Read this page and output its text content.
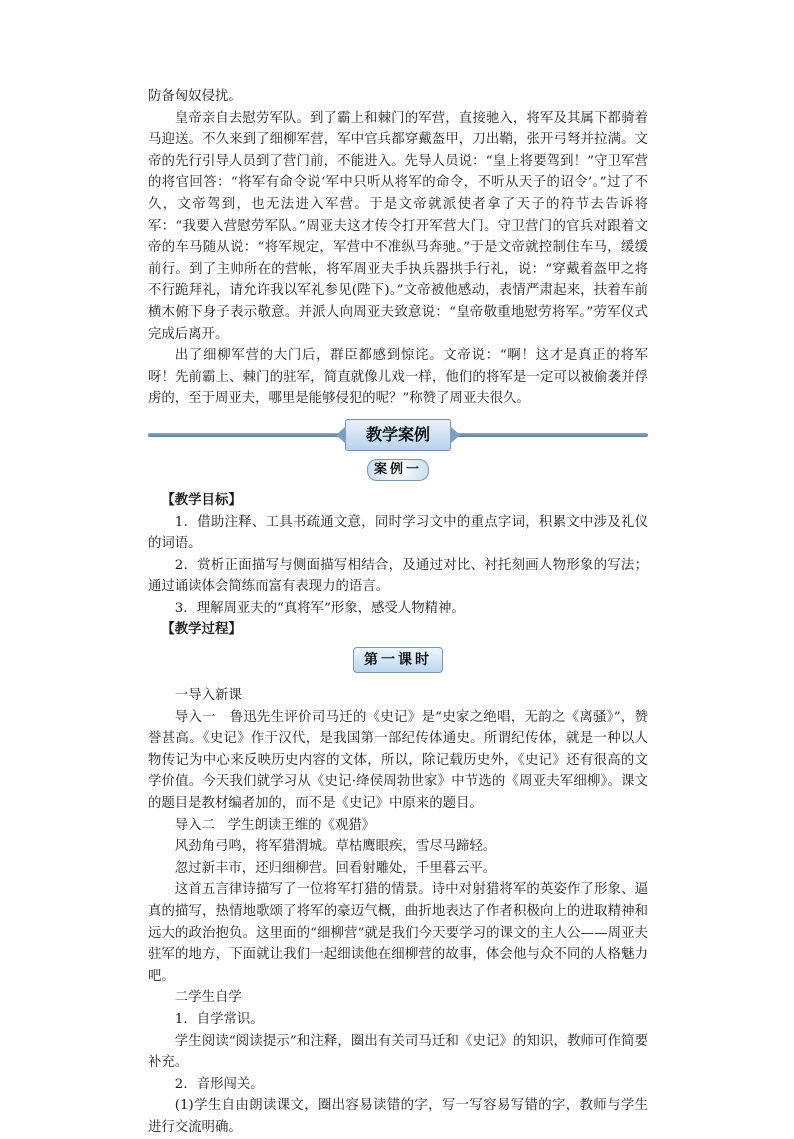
防备匈奴侵扰。

皇帝亲自去慰劳军队。到了霸上和棘门的军营，直接驰入，将军及其属下都骑着马迎送。不久来到了细柳军营，军中官兵都穿戴盔甲，刀出鞘，张开弓弩并拉满。文帝的先行引导人员到了营门前，不能进入。先导人员说：“皇上将要驾到！”守卫军营的将官回答：“将军有命令说‘军中只听从将军的命令，不听从天子的诏令’。”过了不久，文帝驾到，也无法进入军营。于是文帝就派使者拿了天子的符节去告诉将军：“我要入营慰劳军队。”周亚夫这才传令打开军营大门。守卫营门的官兵对跟着文帝的车马随从说：“将军规定，军营中不准纵马奔驰。”于是文帝就控制住车马，缓缓前行。到了主帅所在的营帐，将军周亚夫手执兵器拱手行礼，说：“穿戴着盔甲之将不行跪拜礼，请允许我以军礼参见(陛下)。”文帝被他感动，表情严肃起来，扶着车前横木俯下身子表示敬意。并派人向周亚夫致意说：“皇帝敬重地慰劳将军。”劳军仪式完成后离开。

出了细柳军营的大门后，群臣都感到惊诧。文帝说：“啊！这才是真正的将军呀！先前霸上、棘门的驻军，简直就像儿戏一样，他们的将军是一定可以被偷袭并俘虏的，至于周亚夫，哪里是能够侵犯的呢？”称赞了周亚夫很久。

教学案例
案例一

【教学目标】

1．借助注释、工具书疏通文意，同时学习文中的重点字词，积累文中涉及礼仪的词语。

2．赏析正面描写与侧面描写相结合，及通过对比、衬托刻画人物形象的写法；通过诵读体会简练而富有表现力的语言。

3．理解周亚夫的“真将军”形象，感受人物精神。

【教学过程】

第一课时

一导入新课

导入一 鲁迅先生评价司马迁的《史记》是“史家之绝唱，无韵之《离骚》”，赞誉甚高。《史记》作于汉代，是我国第一部纪传体通史。所谓纪传体，就是一种以人物传记为中心来反映历史内容的文体，所以，除记载历史外，《史记》还有很高的文学价值。今天我们就学习从《史记·绛侯周勃世家》中节选的《周亚夫军细柳》。课文的题目是教材编者加的，而不是《史记》中原来的题目。

导入二 学生朗读王维的《观猎》

风劲角弓鸣，将军猎渭城。草枯鹰眼疾，雪尽马蹄轻。

忽过新丰市，还归细柳营。回看射雕处，千里暮云平。

这首五言律诗描写了一位将军打猎的情景。诗中对射猎将军的英姿作了形象、逼真的描写，热情地歌颂了将军的豪迈气概，曲折地表达了作者积极向上的进取精神和远大的政治抱负。这里面的“细柳营”就是我们今天要学习的课文的主人公——周亚夫驻军的地方，下面就让我们一起细读他在细柳营的故事，体会他与众不同的人格魅力吧。

二学生自学

1．自学常识。

学生阅读“阅读提示”和注释，圈出有关司马迁和《史记》的知识，教师可作简要补充。

2．音形闯关。

(1)学生自由朗读课文，圈出容易读错的字，写一写容易写错的字，教师与学生进行交流明确。
